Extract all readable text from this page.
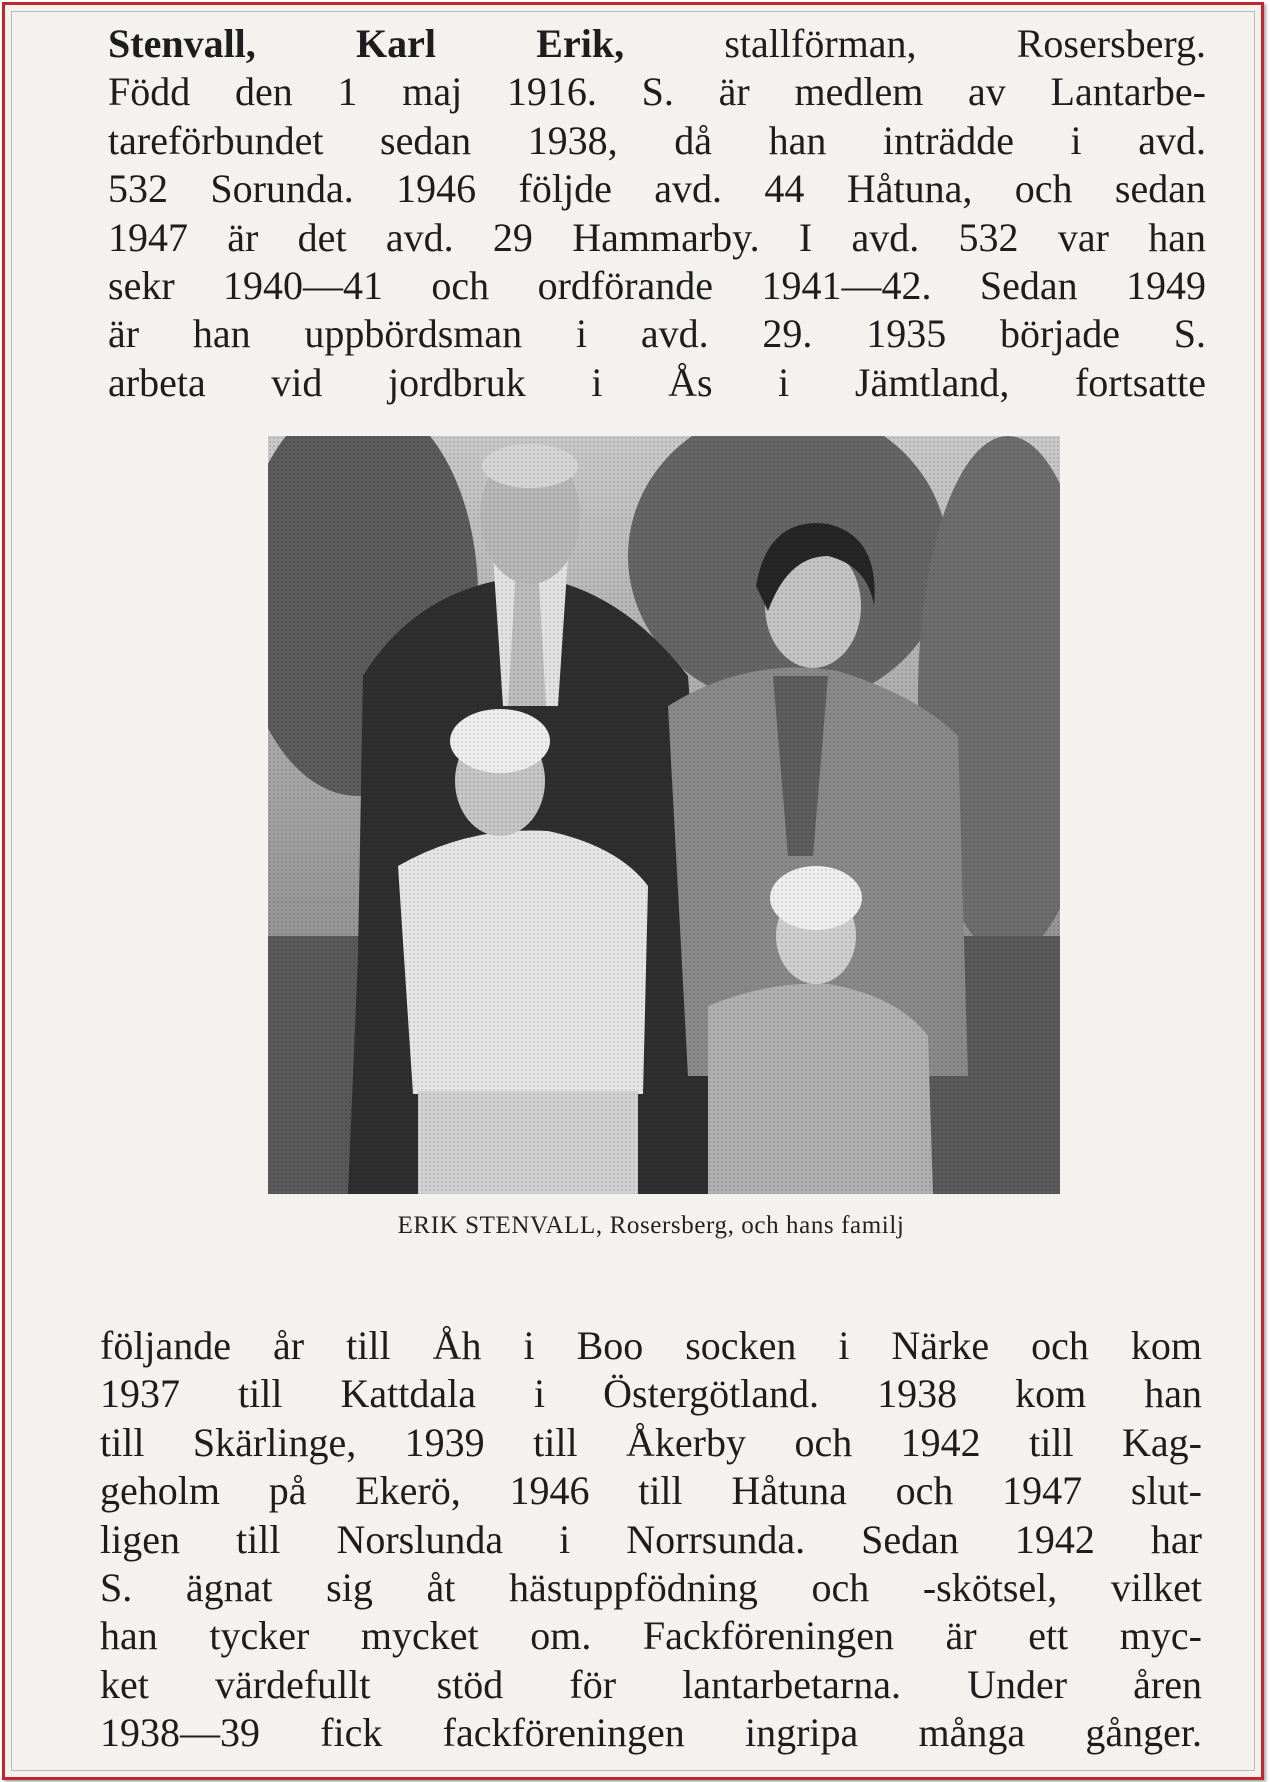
Stenvall, Karl Erik, stallförman, Rosersberg.
Född den 1 maj 1916. S. är medlem av Lantarbe-
tareförbundet sedan 1938, då han inträdde i avd.
532 Sorunda. 1946 följde avd. 44 Håtuna, och sedan
1947 är det avd. 29 Hammarby. I avd. 532 var han
sekr 1940—41 och ordförande 1941—42. Sedan 1949
är han uppbördsman i avd. 29. 1935 började S.
arbeta vid jordbruk i Ås i Jämtland, fortsatte
ERIK STENVALL, Rosersberg, och hans familj
följande år till Åh i Boo socken i Närke och kom
1937 till Kattdala i Östergötland. 1938 kom han
till Skärlinge, 1939 till Åkerby och 1942 till Kag-
geholm på Ekerö, 1946 till Håtuna och 1947 slut-
ligen till Norslunda i Norrsunda. Sedan 1942 har
S. ägnat sig åt hästuppfödning och -skötsel, vilket
han tycker mycket om. Fackföreningen är ett myc-
ket värdefullt stöd för lantarbetarna. Under åren
1938—39 fick fackföreningen ingripa många gånger.
